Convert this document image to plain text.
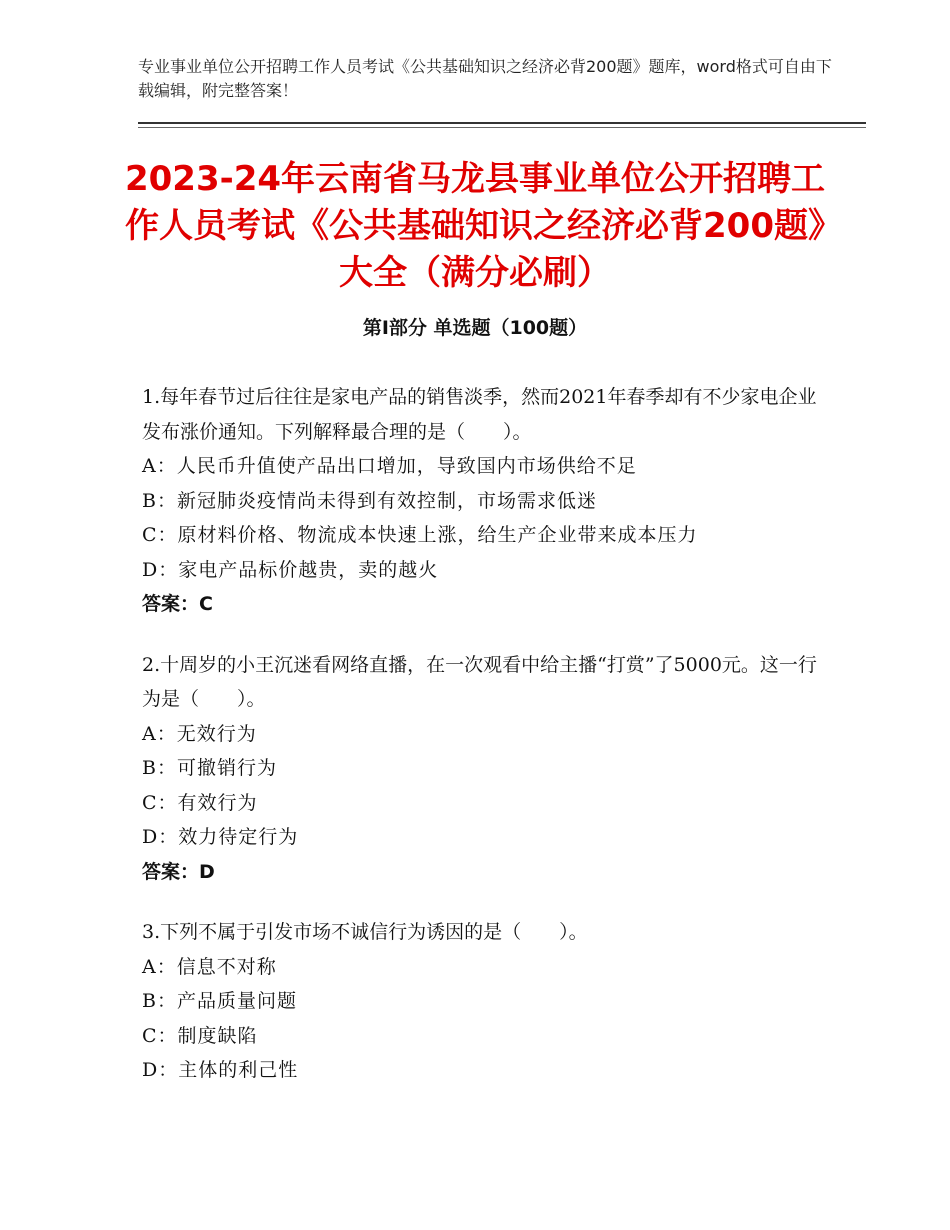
专业事业单位公开招聘工作人员考试《公共基础知识之经济必背200题》题库，word格式可自由下载编辑，附完整答案！
2023-24年云南省马龙县事业单位公开招聘工作人员考试《公共基础知识之经济必背200题》大全（满分必刷）
第Ⅰ部分 单选题（100题）
1.每年春节过后往往是家电产品的销售淡季，然而2021年春季却有不少家电企业发布涨价通知。下列解释最合理的是（　　）。
A：人民币升值使产品出口增加，导致国内市场供给不足
B：新冠肺炎疫情尚未得到有效控制，市场需求低迷
C：原材料价格、物流成本快速上涨，给生产企业带来成本压力
D：家电产品标价越贵，卖的越火
答案：C
2.十周岁的小王沉迷看网络直播，在一次观看中给主播“打赏”了5000元。这一行为是（　　）。
A：无效行为
B：可撤销行为
C：有效行为
D：效力待定行为
答案：D
3.下列不属于引发市场不诚信行为诱因的是（　　）。
A：信息不对称
B：产品质量问题
C：制度缺陷
D：主体的利己性
